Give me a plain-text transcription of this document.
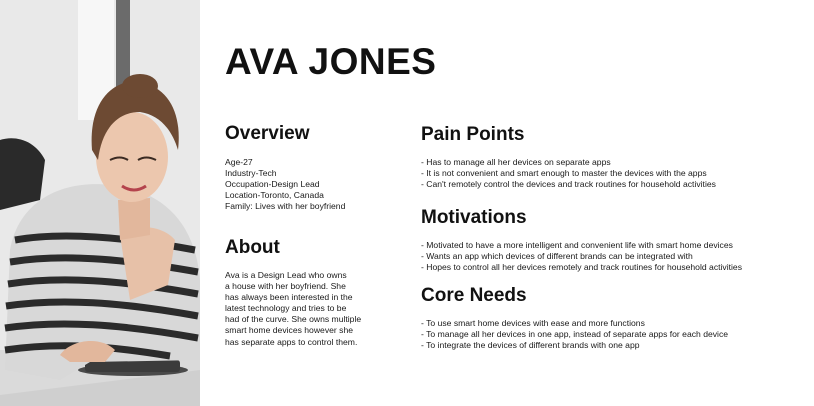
AVA JONES
Overview
Age-27
Industry-Tech
Occupation-Design Lead
Location-Toronto, Canada
Family: Lives with her boyfriend
About
Ava is a Design Lead who owns
a house with her boyfriend. She
has always been interested in the
latest technology and tries to be
had of the curve. She owns multiple
smart home devices however she
has separate apps to control them.
Pain Points
- Has to manage all her devices on separate apps
- It is not convenient and smart enough to master the devices with the apps
- Can't remotely control the devices and track routines for household activities
Motivations
- Motivated to have a more intelligent and convenient life with smart home devices
- Wants an app which devices of different brands can be integrated with
- Hopes to control all her devices remotely and track routines for household activities
Core Needs
- To use smart home devices with ease and more functions
- To manage all her devices in one app, instead of separate apps for each device
- To integrate the devices of different brands with one app
